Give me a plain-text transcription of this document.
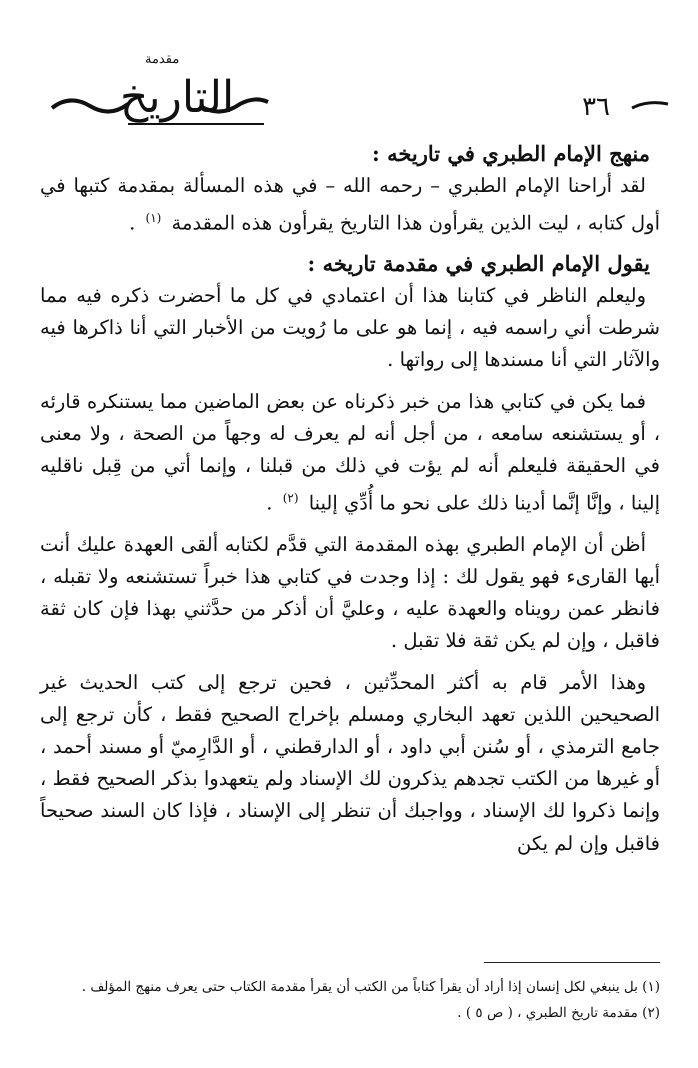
٣٦
مقدمة
التاريخ
منهج الإمام الطبري في تاريخه :

لقد أراحنا الإمام الطبري – رحمه الله – في هذه المسألة بمقدمة كتبها في أول كتابه ، ليت الذين يقرأون هذا التاريخ يقرأون هذه المقدمة $^{(١)}$ .

يقول الإمام الطبري في مقدمة تاريخه :

وليعلم الناظر في كتابنا هذا أن اعتمادي في كل ما أحضرت ذكره فيه مما شرطت أني راسمه فيه ، إنما هو على ما رُويت من الأخبار التي أنا ذاكرها فيه والآثار التي أنا مسندها إلى رواتها .

فما يكن في كتابي هذا من خبر ذكرناه عن بعض الماضين مما يستنكره قارئه ، أو يستشنعه سامعه ، من أجل أنه لم يعرف له وجهاً من الصحة ، ولا معنى في الحقيقة فليعلم أنه لم يؤت في ذلك من قبلنا ، وإنما أتي من قِبل ناقليه إلينا ، وإنَّا إنَّما أدينا ذلك على نحو ما أُدِّي إلينا $^{(٢)}$ .

أظن أن الإمام الطبري بهذه المقدمة التي قدَّم لكتابه ألقى العهدة عليك أنت أيها القارىء فهو يقول لك : إذا وجدت في كتابي هذا خبراً تستشنعه ولا تقبله ، فانظر عمن رويناه والعهدة عليه ، وعليَّ أن أذكر من حدَّثني بهذا فإن كان ثقة فاقبل ، وإن لم يكن ثقة فلا تقبل .

وهذا الأمر قام به أكثر المحدِّثين ، فحين ترجع إلى كتب الحديث غير الصحيحين اللذين تعهد البخاري ومسلم بإخراج الصحيح فقط ، كأن ترجع إلى جامع الترمذي ، أو سُنن أبي داود ، أو الدارقطني ، أو الدَّارِميّ أو مسند أحمد ، أو غيرها من الكتب تجدهم يذكرون لك الإسناد ولم يتعهدوا بذكر الصحيح فقط ، وإنما ذكروا لك الإسناد ، وواجبك أن تنظر إلى الإسناد ، فإذا كان السند صحيحاً فاقبل وإن لم يكن

(١) بل ينبغي لكل إنسان إذا أراد أن يقرأ كتاباً من الكتب أن يقرأ مقدمة الكتاب حتى يعرف منهج المؤلف .

(٢) مقدمة تاريخ الطبري ، ( ص ٥ ) .
